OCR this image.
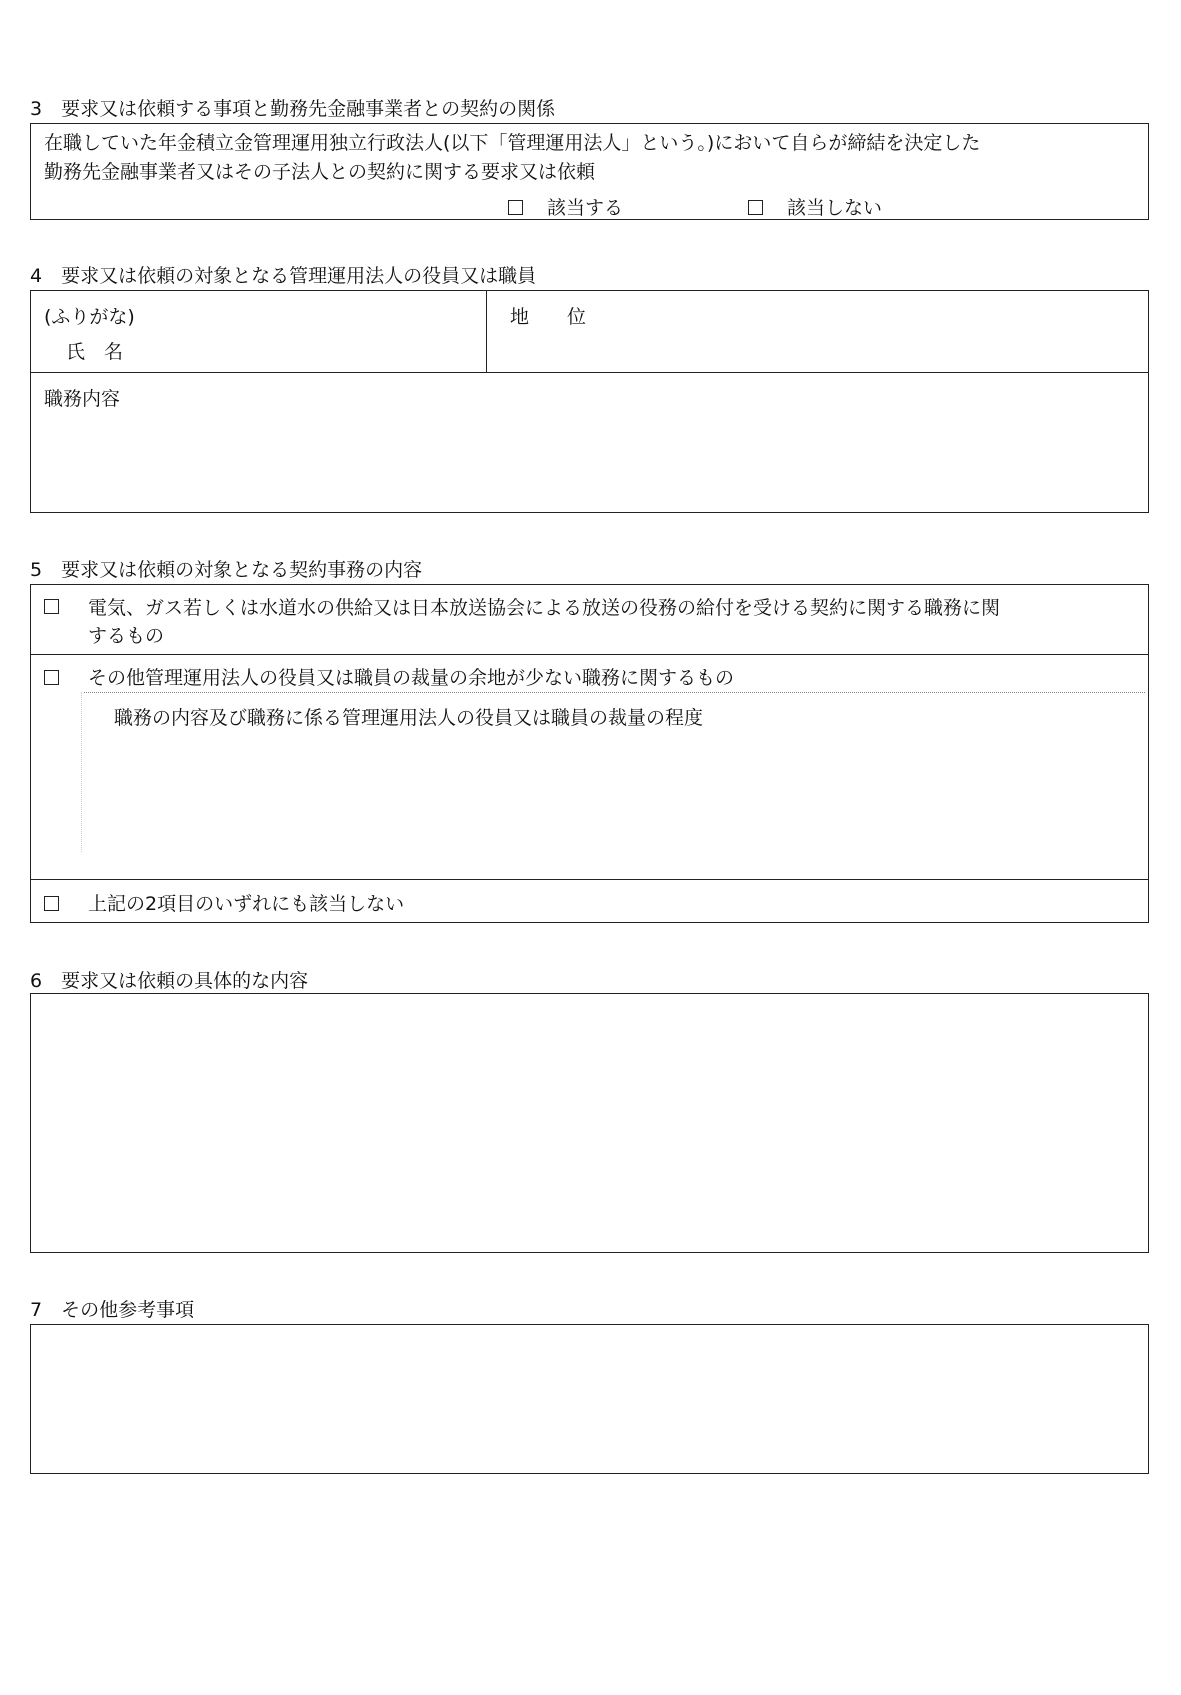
3　要求又は依頼する事項と勤務先金融事業者との契約の関係
在職していた年金積立金管理運用独立行政法人(以下「管理運用法人」という。)において自らが締結を決定した
勤務先金融事業者又はその子法人との契約に関する要求又は依頼
該当する	該当しない
4　要求又は依頼の対象となる管理運用法人の役員又は職員
(ふりがな)
氏　名
地　　位
職務内容
5　要求又は依頼の対象となる契約事務の内容
電気、ガス若しくは水道水の供給又は日本放送協会による放送の役務の給付を受ける契約に関する職務に関
するもの
その他管理運用法人の役員又は職員の裁量の余地が少ない職務に関するもの
職務の内容及び職務に係る管理運用法人の役員又は職員の裁量の程度
上記の2項目のいずれにも該当しない
6　要求又は依頼の具体的な内容
7　その他参考事項
